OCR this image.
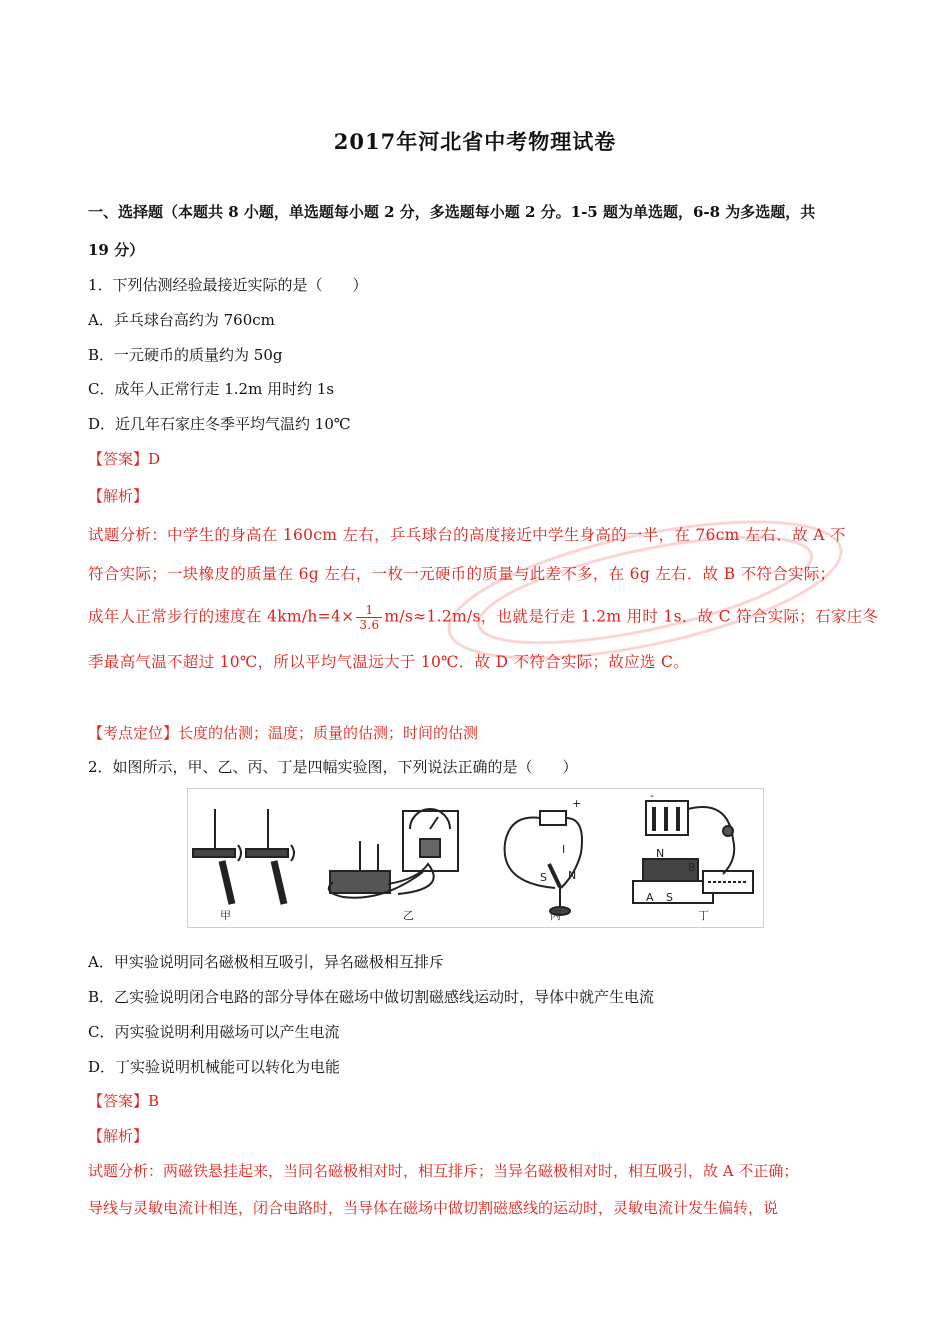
2017年河北省中考物理试卷
一、选择题（本题共 8 小题，单选题每小题 2 分，多选题每小题 2 分。1-5 题为单选题，6-8 为多选题，共
19 分）
1．下列估测经验最接近实际的是（　　）
A．乒乓球台高约为 760cm
B．一元硬币的质量约为 50g
C．成年人正常行走 1.2m 用时约 1s
D．近几年石家庄冬季平均气温约 10℃
【答案】D
【解析】
试题分析：中学生的身高在 160cm 左右，乒乓球台的高度接近中学生身高的一半，在 76cm 左右．故 A 不
符合实际；一块橡皮的质量在 6g 左右，一枚一元硬币的质量与此差不多，在 6g 左右．故 B 不符合实际；
成年人正常步行的速度在 $4km/h=4\times \frac{1}{3.6} m/s\approx 1.2m/s$，也就是行走 1.2m 用时 1s．故 C 符合实际；石家庄冬
季最高气温不超过 10℃，所以平均气温远大于 10℃．故 D 不符合实际；故应选 C。
【考点定位】长度的估测；温度；质量的估测；时间的估测
2．如图所示，甲、乙、丙、丁是四幅实验图，下列说法正确的是（　　）
甲	乙	丙	丁
I
S N
N
B
A S
+
-
A．甲实验说明同名磁极相互吸引，异名磁极相互排斥
B．乙实验说明闭合电路的部分导体在磁场中做切割磁感线运动时，导体中就产生电流
C．丙实验说明利用磁场可以产生电流
D．丁实验说明机械能可以转化为电能
【答案】B
【解析】
试题分析：两磁铁悬挂起来，当同名磁极相对时，相互排斥；当异名磁极相对时，相互吸引，故 A 不正确；
导线与灵敏电流计相连，闭合电路时，当导体在磁场中做切割磁感线的运动时，灵敏电流计发生偏转，说
